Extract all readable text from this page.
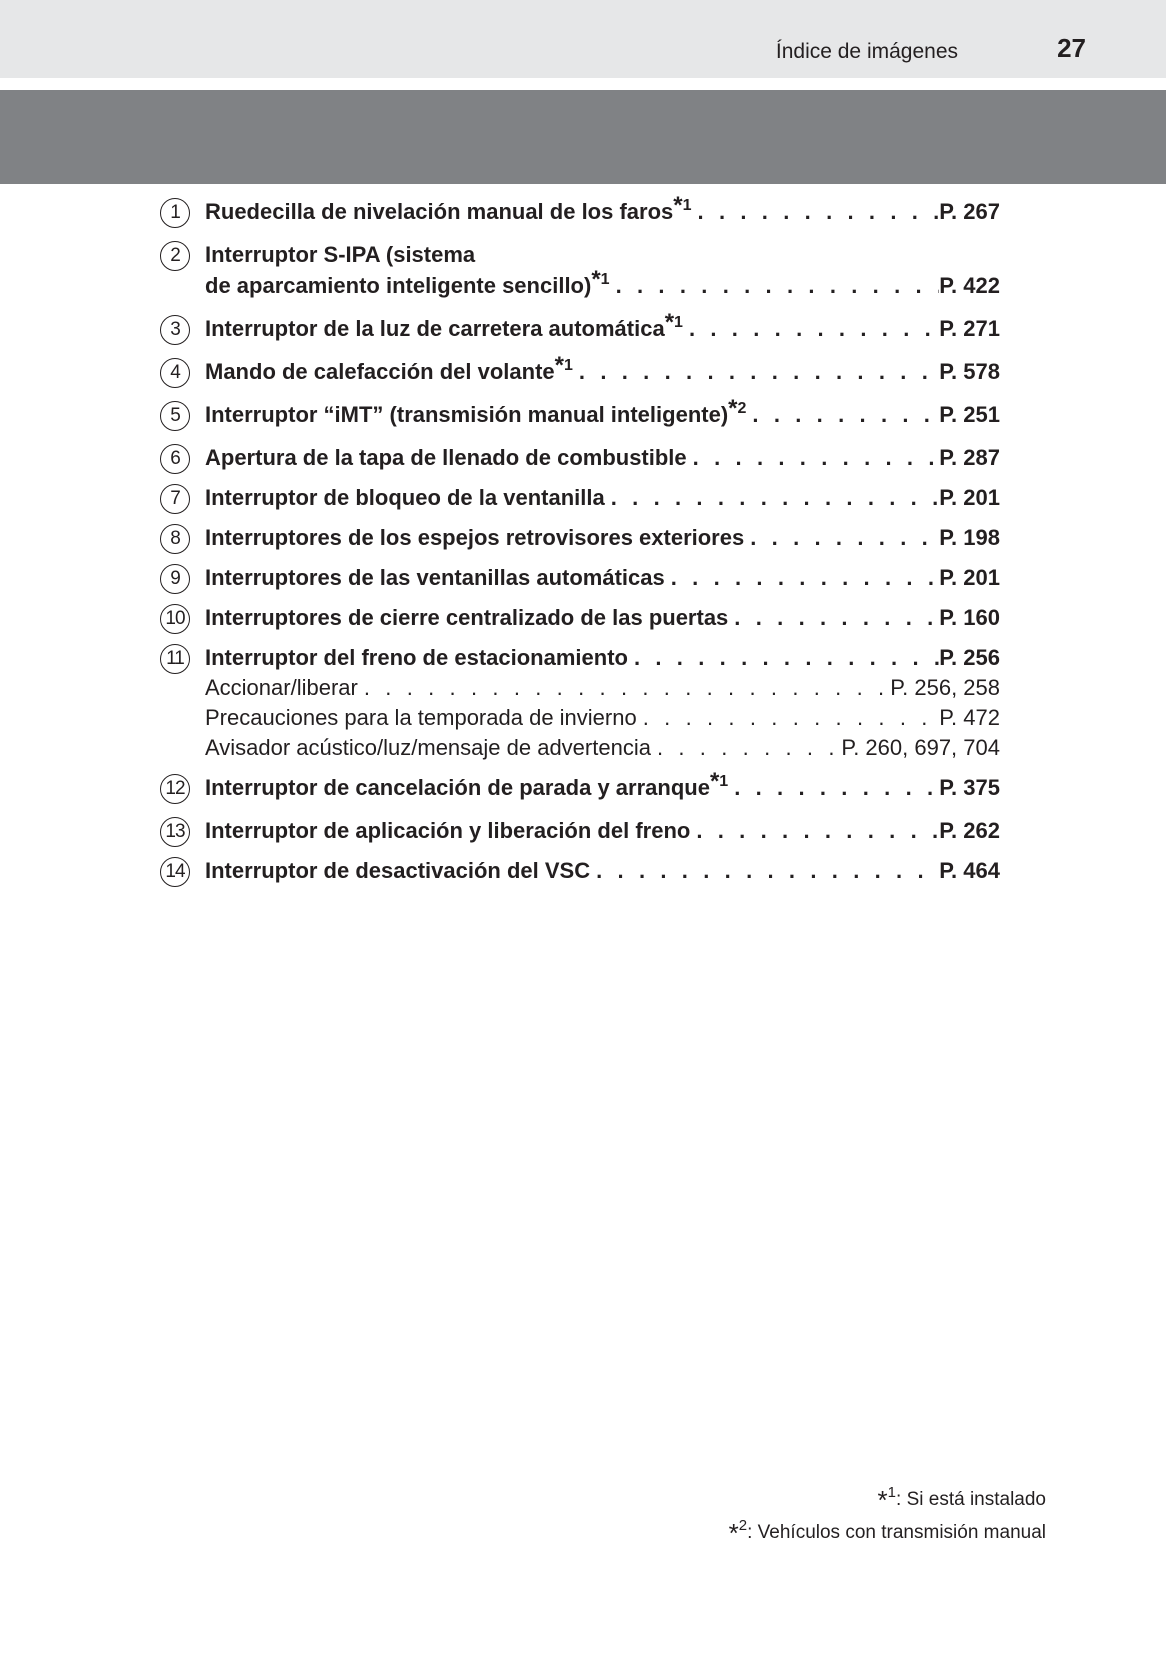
Índice de imágenes	27
1	Ruedecilla de nivelación manual de los faros$^{*1}$ . . .	P. 267
2	Interruptor S-IPA (sistema
de aparcamiento inteligente sencillo)$^{*1}$ . . .	P. 422
3	Interruptor de la luz de carretera automática$^{*1}$ . . .	P. 271
4	Mando de calefacción del volante$^{*1}$ . . .	P. 578
5	Interruptor “iMT” (transmisión manual inteligente)$^{*2}$ . . .	P. 251
6	Apertura de la tapa de llenado de combustible . . .	P. 287
7	Interruptor de bloqueo de la ventanilla . . .	P. 201
8	Interruptores de los espejos retrovisores exteriores . . .	P. 198
9	Interruptores de las ventanillas automáticas . . .	P. 201
10 Interruptores de cierre centralizado de las puertas . . .	P. 160
11 Interruptor del freno de estacionamiento . . .	P. 256
Accionar/liberar . . .	P. 256, 258
Precauciones para la temporada de invierno . . .	P. 472
Avisador acústico/luz/mensaje de advertencia . . .	P. 260, 697, 704
12 Interruptor de cancelación de parada y arranque$^{*1}$ . . .	P. 375
13 Interruptor de aplicación y liberación del freno . . .	P. 262
14 Interruptor de desactivación del VSC . . .	P. 464
*$^1$: Si está instalado
*$^2$: Vehículos con transmisión manual
